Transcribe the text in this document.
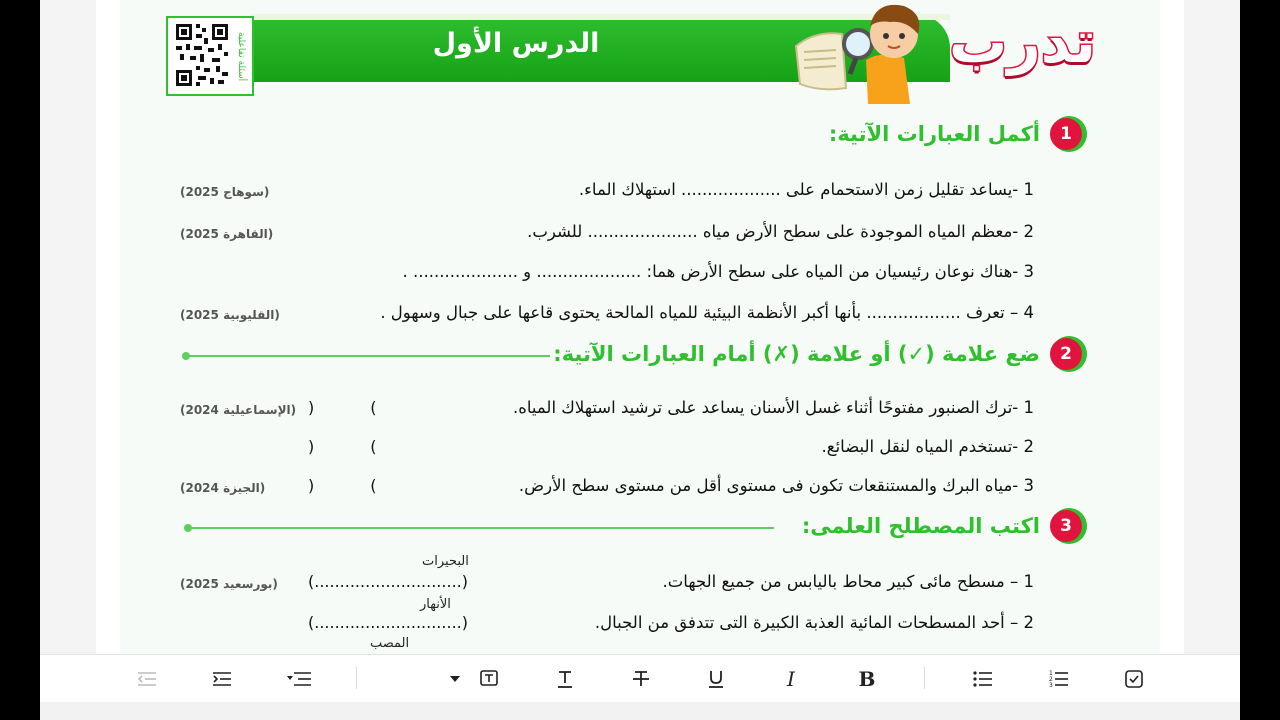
الدرس الأول
أسئلة تفاعلية	تدرب
1
أكمل العبارات الآتية:
1 -يساعد تقليل زمن الاستحمام على ................... استهلاك الماء.
(سوهاج 2025)
2 -معظم المياه الموجودة على سطح الأرض مياه ..................... للشرب.
(القاهرة 2025)
3 -هناك نوعان رئيسيان من المياه على سطح الأرض هما: .................... و .................... .
4 – تعرف .................. بأنها أكبر الأنظمة البيئية للمياه المالحة يحتوى قاعها على جبال وسهول .
(القليوبية 2025)
2
ضع علامة (✓) أو علامة (✗) أمام العبارات الآتية:
1 -ترك الصنبور مفتوحًا أثناء غسل الأسنان يساعد على ترشيد استهلاك المياه.
)           (
(الإسماعيلية 2024)
2 -تستخدم المياه لنقل البضائع.
)           (
3 -مياه البرك والمستنقعات تكون فى مستوى أقل من مستوى سطح الأرض.
)           (
(الجيزة 2024)
3
اكتب المصطلح العلمى:
البحيرات
1 – مسطح مائى كبير محاط باليابس من جميع الجهات.
(.............................)
(بورسعيد 2025)
الأنهار
2 – أحد المسطحات المائية العذبة الكبيرة التى تتدفق من الجبال.
(.............................)
المصب
I	B	1
2
3
